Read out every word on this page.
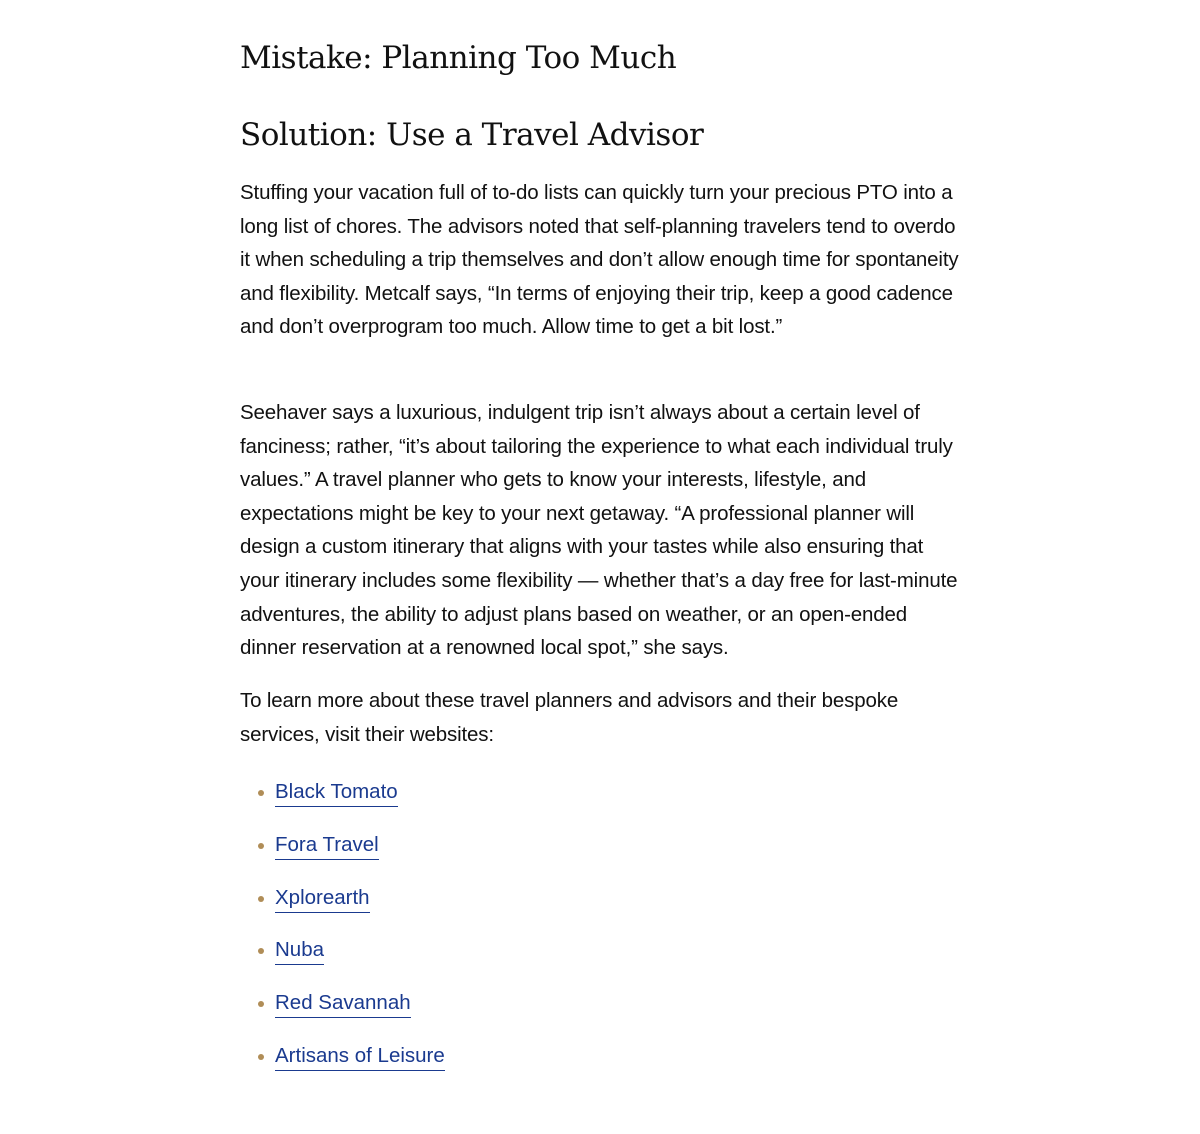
Mistake: Planning Too Much
Solution: Use a Travel Advisor

Stuffing your vacation full of to-do lists can quickly turn your precious PTO into a long list of chores. The advisors noted that self-planning travelers tend to overdo it when scheduling a trip themselves and don’t allow enough time for spontaneity and flexibility. Metcalf says, “In terms of enjoying their trip, keep a good cadence and don’t overprogram too much. Allow time to get a bit lost.”

Seehaver says a luxurious, indulgent trip isn’t always about a certain level of fanciness; rather, “it’s about tailoring the experience to what each individual truly values.” A travel planner who gets to know your interests, lifestyle, and expectations might be key to your next getaway. “A professional planner will design a custom itinerary that aligns with your tastes while also ensuring that your itinerary includes some flexibility — whether that’s a day free for last-minute adventures, the ability to adjust plans based on weather, or an open-ended dinner reservation at a renowned local spot,” she says.

To learn more about these travel planners and advisors and their bespoke services, visit their websites:

Black Tomato
Fora Travel
Xplorearth
Nuba
Red Savannah
Artisans of Leisure
